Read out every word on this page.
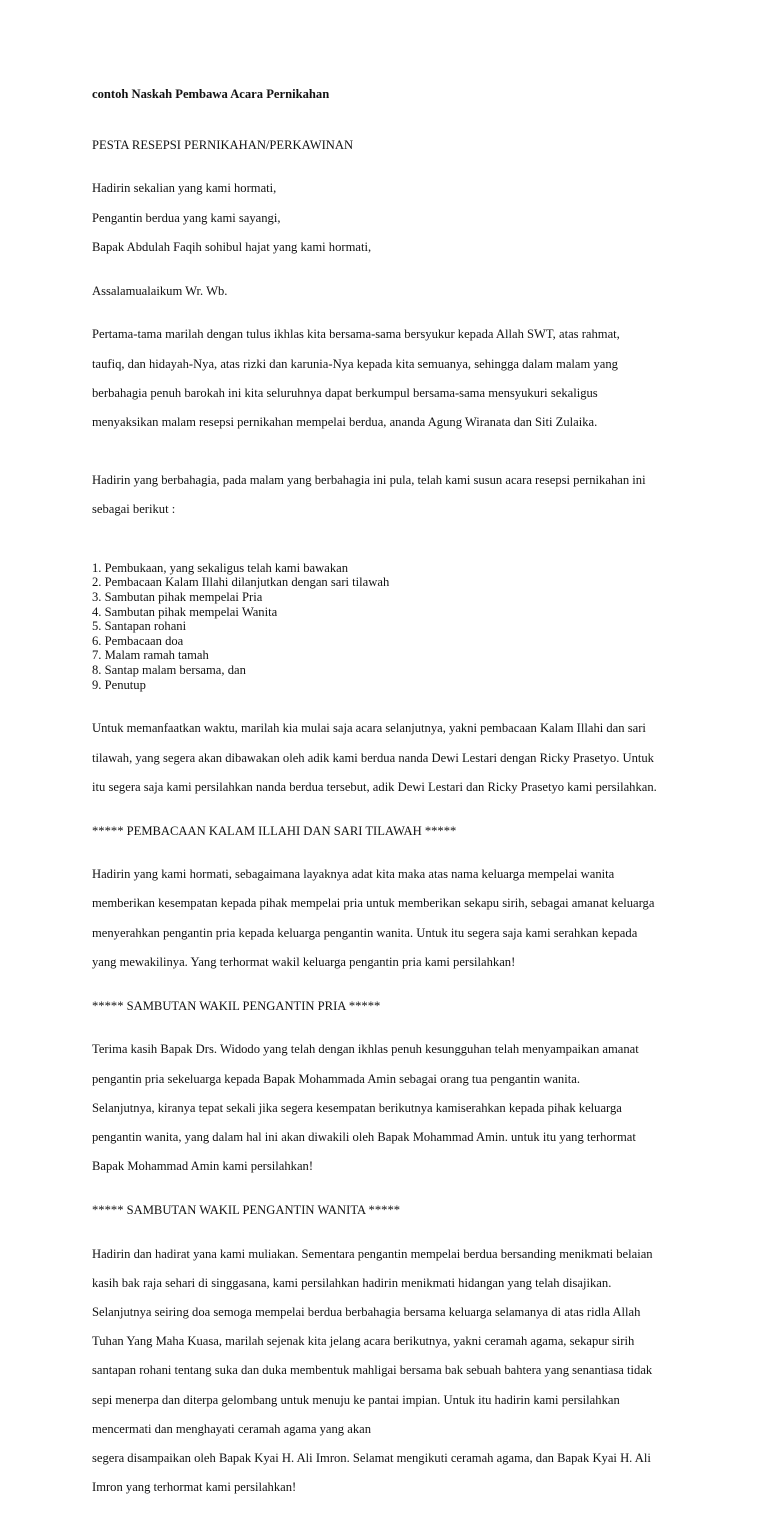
contoh Naskah Pembawa Acara Pernikahan
PESTA RESEPSI PERNIKAHAN/PERKAWINAN

Hadirin sekalian yang kami hormati,

Pengantin berdua yang kami sayangi,

Bapak Abdulah Faqih sohibul hajat yang kami hormati,

Assalamualaikum Wr. Wb.

Pertama-tama marilah dengan tulus ikhlas kita bersama-sama bersyukur kepada Allah SWT, atas rahmat,

taufiq, dan hidayah-Nya, atas rizki dan karunia-Nya kepada kita semuanya, sehingga dalam malam yang

berbahagia penuh barokah ini kita seluruhnya dapat berkumpul bersama-sama mensyukuri sekaligus

menyaksikan malam resepsi pernikahan mempelai berdua, ananda Agung Wiranata dan Siti Zulaika.

Hadirin yang berbahagia, pada malam yang berbahagia ini pula, telah kami susun acara resepsi pernikahan ini

sebagai berikut :

1. Pembukaan, yang sekaligus telah kami bawakan
2. Pembacaan Kalam Illahi dilanjutkan dengan sari tilawah
3. Sambutan pihak mempelai Pria
4. Sambutan pihak mempelai Wanita
5. Santapan rohani
6. Pembacaan doa
7. Malam ramah tamah
8. Santap malam bersama, dan
9. Penutup

Untuk memanfaatkan waktu, marilah kia mulai saja acara selanjutnya, yakni pembacaan Kalam Illahi dan sari

tilawah, yang segera akan dibawakan oleh adik kami berdua nanda Dewi Lestari dengan Ricky Prasetyo. Untuk

itu segera saja kami persilahkan nanda berdua tersebut, adik Dewi Lestari dan Ricky Prasetyo kami persilahkan.

***** PEMBACAAN KALAM ILLAHI DAN SARI TILAWAH *****

Hadirin yang kami hormati, sebagaimana layaknya adat kita maka atas nama keluarga mempelai wanita

memberikan kesempatan kepada pihak mempelai pria untuk memberikan sekapu sirih, sebagai amanat keluarga

menyerahkan pengantin pria kepada keluarga pengantin wanita. Untuk itu segera saja kami serahkan kepada

yang mewakilinya. Yang terhormat wakil keluarga pengantin pria kami persilahkan!

***** SAMBUTAN WAKIL PENGANTIN PRIA *****

Terima kasih Bapak Drs. Widodo yang telah dengan ikhlas penuh kesungguhan telah menyampaikan amanat

pengantin pria sekeluarga kepada Bapak Mohammada Amin sebagai orang tua pengantin wanita.

Selanjutnya, kiranya tepat sekali jika segera kesempatan berikutnya kamiserahkan kepada pihak keluarga

pengantin wanita, yang dalam hal ini akan diwakili oleh Bapak Mohammad Amin. untuk itu yang terhormat

Bapak Mohammad Amin kami persilahkan!

***** SAMBUTAN WAKIL PENGANTIN WANITA *****

Hadirin dan hadirat yana kami muliakan. Sementara pengantin mempelai berdua bersanding menikmati belaian

kasih bak raja sehari di singgasana, kami persilahkan hadirin menikmati hidangan yang telah disajikan.

Selanjutnya seiring doa semoga mempelai berdua berbahagia bersama keluarga selamanya di atas ridla Allah

Tuhan Yang Maha Kuasa, marilah sejenak kita jelang acara berikutnya, yakni ceramah agama, sekapur sirih

santapan rohani tentang suka dan duka membentuk mahligai bersama bak sebuah bahtera yang senantiasa tidak

sepi menerpa dan diterpa gelombang untuk menuju ke pantai impian. Untuk itu hadirin kami persilahkan

mencermati dan menghayati ceramah agama yang akan

segera disampaikan oleh Bapak Kyai H. Ali Imron. Selamat mengikuti ceramah agama, dan Bapak Kyai H. Ali

Imron yang terhormat kami persilahkan!
